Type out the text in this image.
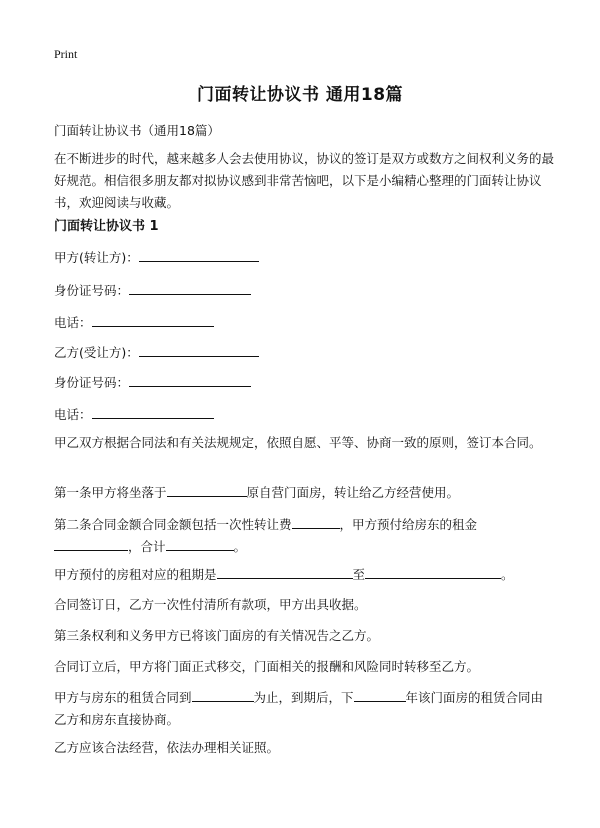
Print
门面转让协议书 通用18篇
门面转让协议书（通用18篇）
在不断进步的时代，越来越多人会去使用协议，协议的签订是双方或数方之间权利义务的最好规范。相信很多朋友都对拟协议感到非常苦恼吧，以下是小编精心整理的门面转让协议书，欢迎阅读与收藏。
门面转让协议书 1
甲方(转让方)：
身份证号码：
电话：
乙方(受让方)：
身份证号码：
电话：
甲乙双方根据合同法和有关法规规定，依照自愿、平等、协商一致的原则，签订本合同。
第一条甲方将坐落于	原自营门面房，转让给乙方经营使用。
第二条合同金额合同金额包括一次性转让费	，甲方预付给房东的租金
，合计	。
甲方预付的房租对应的租期是	至	。
合同签订日，乙方一次性付清所有款项，甲方出具收据。
第三条权利和义务甲方已将该门面房的有关情况告之乙方。
合同订立后，甲方将门面正式移交，门面相关的报酬和风险同时转移至乙方。
甲方与房东的租赁合同到	为止，到期后，下	年该门面房的租赁合同由乙方和房东直接协商。
乙方应该合法经营，依法办理相关证照。
